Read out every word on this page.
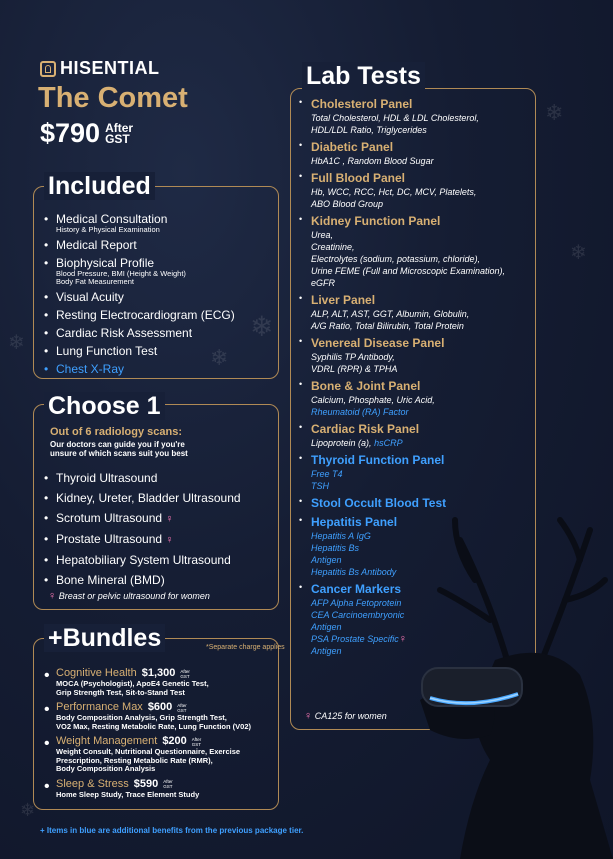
❄
❄
❄
❄
❄
❄
HISENTIAL
The Comet
$790 After
GST
Included
• Medical Consultation
History & Physical Examination
• Medical Report
• Biophysical Profile
Blood Pressure, BMI (Height & Weight)
Body Fat Measurement
• Visual Acuity
• Resting Electrocardiogram (ECG)
• Cardiac Risk Assessment
• Lung Function Test
• Chest X-Ray
Choose 1
Out of 6 radiology scans:
Our doctors can guide you if you're
unsure of which scans suit you best
• Thyroid Ultrasound
• Kidney, Ureter, Bladder Ultrasound
• Scrotum Ultrasound ♀
• Prostate Ultrasound ♀
• Hepatobiliary System Ultrasound
• Bone Mineral (BMD)
♀ Breast or pelvic ultrasound for women
+Bundles	*Separate charge applies
• Cognitive Health $1,300 After
GST
MOCA (Psychologist), ApoE4 Genetic Test,
Grip Strength Test, Sit-to-Stand Test
• Performance Max $600 After
GST
Body Composition Analysis, Grip Strength Test,
VO2 Max, Resting Metabolic Rate, Lung Function (V02)
• Weight Management $200 After
GST
Weight Consult, Nutritional Questionnaire, Exercise
Prescription, Resting Metabolic Rate (RMR),
Body Composition Analysis
• Sleep & Stress $590 After
GST
Home Sleep Study, Trace Element Study
Lab Tests
• Cholesterol Panel
Total Cholesterol, HDL & LDL Cholesterol,
HDL/LDL Ratio, Triglycerides
• Diabetic Panel
HbA1C , Random Blood Sugar
• Full Blood Panel
Hb, WCC, RCC, Hct, DC, MCV, Platelets,
ABO Blood Group
• Kidney Function Panel
Urea,
Creatinine,
Electrolytes (sodium, potassium, chloride),
Urine FEME (Full and Microscopic Examination),
eGFR
• Liver Panel
ALP, ALT, AST, GGT, Albumin, Globulin,
A/G Ratio, Total Bilirubin, Total Protein
• Venereal Disease Panel
Syphilis TP Antibody,
VDRL (RPR) & TPHA
• Bone & Joint Panel
Calcium, Phosphate, Uric Acid,
Rheumatoid (RA) Factor
• Cardiac Risk Panel
Lipoprotein (a), hsCRP
• Thyroid Function Panel
Free T4
TSH
• Stool Occult Blood Test
• Hepatitis Panel
Hepatitis A IgG
Hepatitis Bs
Antigen
Hepatitis Bs Antibody
• Cancer Markers
AFP Alpha Fetoprotein
CEA Carcinoembryonic
Antigen
PSA Prostate Specific♀
Antigen
♀ CA125 for women
+ Items in blue are additional benefits from the previous package tier.
